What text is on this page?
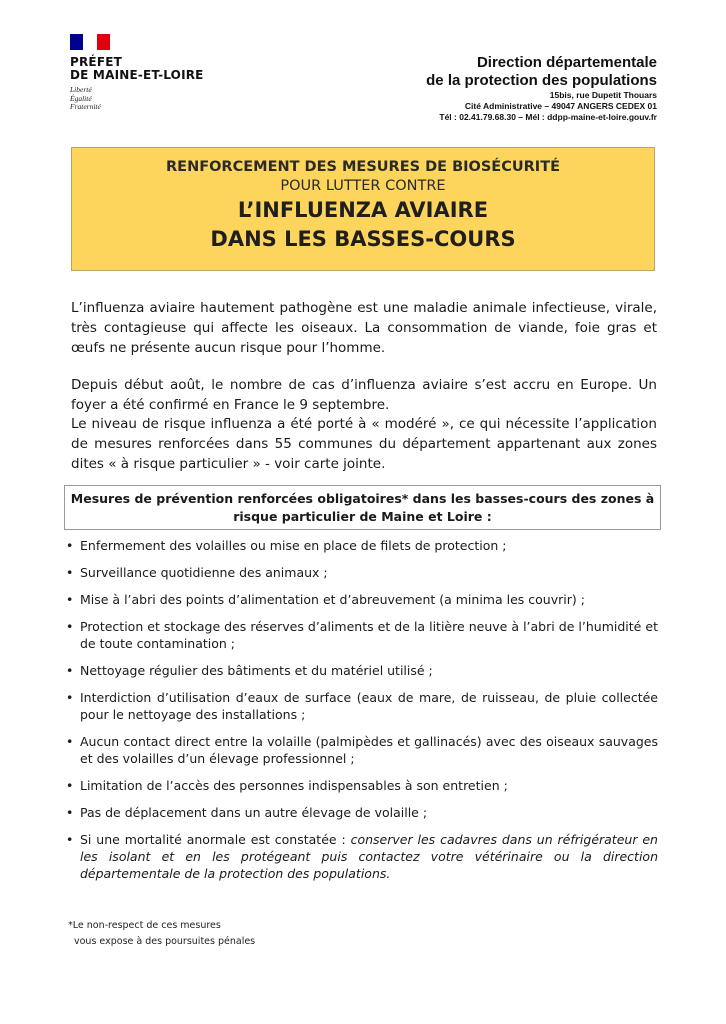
PRÉFET
DE MAINE-ET-LOIRE
Liberté
Égalité
Fraternité
Direction départementale
de la protection des populations
15bis, rue Dupetit Thouars
Cité Administrative – 49047 ANGERS CEDEX 01
Tél : 02.41.79.68.30 – Mél : ddpp-maine-et-loire.gouv.fr
RENFORCEMENT DES MESURES DE BIOSÉCURITÉ
POUR LUTTER CONTRE
L’INFLUENZA AVIAIRE
DANS LES BASSES-COURS
L’influenza aviaire hautement pathogène est une maladie animale infectieuse, virale, très contagieuse qui affecte les oiseaux. La consommation de viande, foie gras et œufs ne présente aucun risque pour l’homme.
Depuis début août, le nombre de cas d’influenza aviaire s’est accru en Europe. Un foyer a été confirmé en France le 9 septembre.
Le niveau de risque influenza a été porté à « modéré », ce qui nécessite l’application de mesures renforcées dans 55 communes du département appartenant aux zones dites « à risque particulier » - voir carte jointe.
Mesures de prévention renforcées obligatoires* dans les basses-cours des zones à risque particulier de Maine et Loire :
• Enfermement des volailles ou mise en place de filets de protection ;
• Surveillance quotidienne des animaux ;
• Mise à l’abri des points d’alimentation et d’abreuvement (a minima les couvrir) ;
• Protection et stockage des réserves d’aliments et de la litière neuve à l’abri de l’humidité et de toute contamination ;
• Nettoyage régulier des bâtiments et du matériel utilisé ;
• Interdiction d’utilisation d’eaux de surface (eaux de mare, de ruisseau, de pluie collectée pour le nettoyage des installations ;
• Aucun contact direct entre la volaille (palmipèdes et gallinacés) avec des oiseaux sauvages et des volailles d’un élevage professionnel ;
• Limitation de l’accès des personnes indispensables à son entretien ;
• Pas de déplacement dans un autre élevage de volaille ;
• Si une mortalité anormale est constatée : conserver les cadavres dans un réfrigérateur en les isolant et en les protégeant puis contactez votre vétérinaire ou la direction départementale de la protection des populations.
*Le non-respect de ces mesures
vous expose à des poursuites pénales
